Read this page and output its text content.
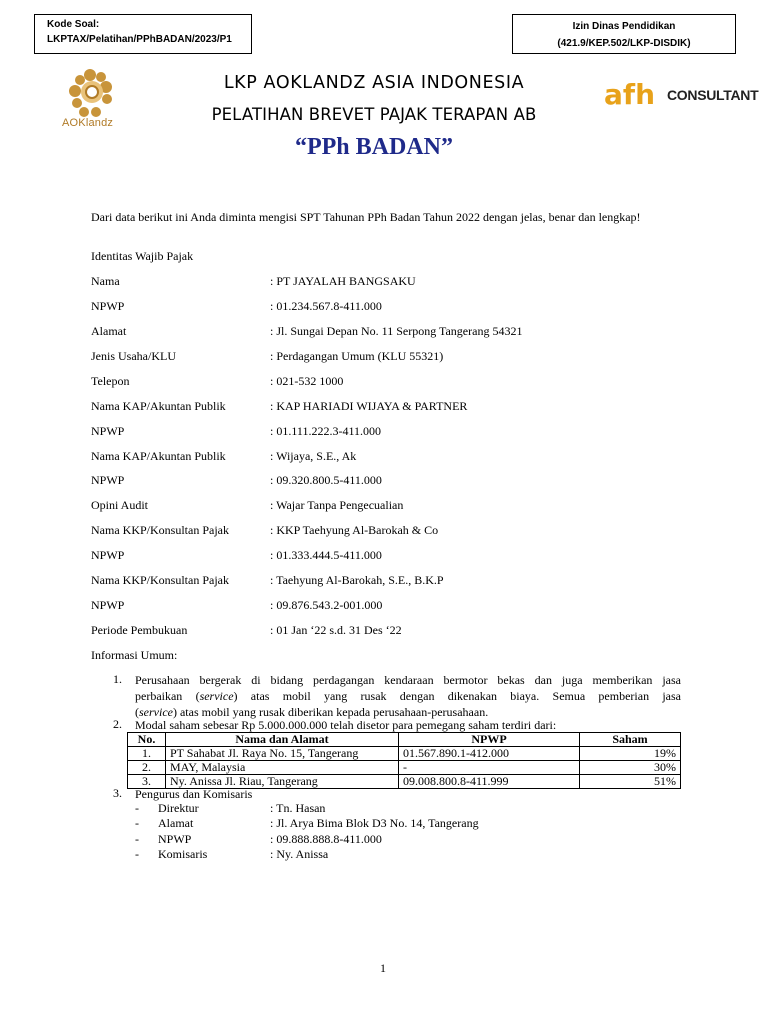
Kode Soal:
LKPTAX/Pelatihan/PPhBADAN/2023/P1
Izin Dinas Pendidikan
(421.9/KEP.502/LKP-DISDIK)
AOKlandz
LKP AOKLANDZ ASIA INDONESIA
PELATIHAN BREVET PAJAK TERAPAN AB
“PPh BADAN”
afh CONSULTANT
Dari data berikut ini Anda diminta mengisi SPT Tahunan PPh Badan Tahun 2022 dengan jelas, benar dan lengkap!
Identitas Wajib Pajak
Nama	: PT JAYALAH BANGSAKU
NPWP	: 01.234.567.8-411.000
Alamat	: Jl. Sungai Depan No. 11 Serpong Tangerang 54321
Jenis Usaha/KLU	: Perdagangan Umum (KLU 55321)
Telepon	: 021-532 1000
Nama KAP/Akuntan Publik	: KAP HARIADI WIJAYA & PARTNER
NPWP	: 01.111.222.3-411.000
Nama KAP/Akuntan Publik	: Wijaya, S.E., Ak
NPWP	: 09.320.800.5-411.000
Opini Audit	: Wajar Tanpa Pengecualian
Nama KKP/Konsultan Pajak	: KKP Taehyung Al-Barokah & Co
NPWP	: 01.333.444.5-411.000
Nama KKP/Konsultan Pajak	: Taehyung Al-Barokah, S.E., B.K.P
NPWP	: 09.876.543.2-001.000
Periode Pembukuan	: 01 Jan ‘22 s.d. 31 Des ‘22
Informasi Umum:
1. Perusahaan bergerak di bidang perdagangan kendaraan bermotor bekas dan juga memberikan jasa
perbaikan (service) atas mobil yang rusak dengan dikenakan biaya. Semua pemberian jasa
(service) atas mobil yang rusak diberikan kepada perusahaan-perusahaan.
2. Modal saham sebesar Rp 5.000.000.000 telah disetor para pemegang saham terdiri dari:
No.	Nama dan Alamat	NPWP	Saham
1.	PT Sahabat Jl. Raya No. 15, Tangerang	01.567.890.1-412.000	19%
2.	MAY, Malaysia	-	30%
3.	Ny. Anissa Jl. Riau, Tangerang	09.008.800.8-411.999	51%
3. Pengurus dan Komisaris
- Direktur	: Tn. Hasan
- Alamat	: Jl. Arya Bima Blok D3 No. 14, Tangerang
- NPWP	: 09.888.888.8-411.000
- Komisaris	: Ny. Anissa
1
